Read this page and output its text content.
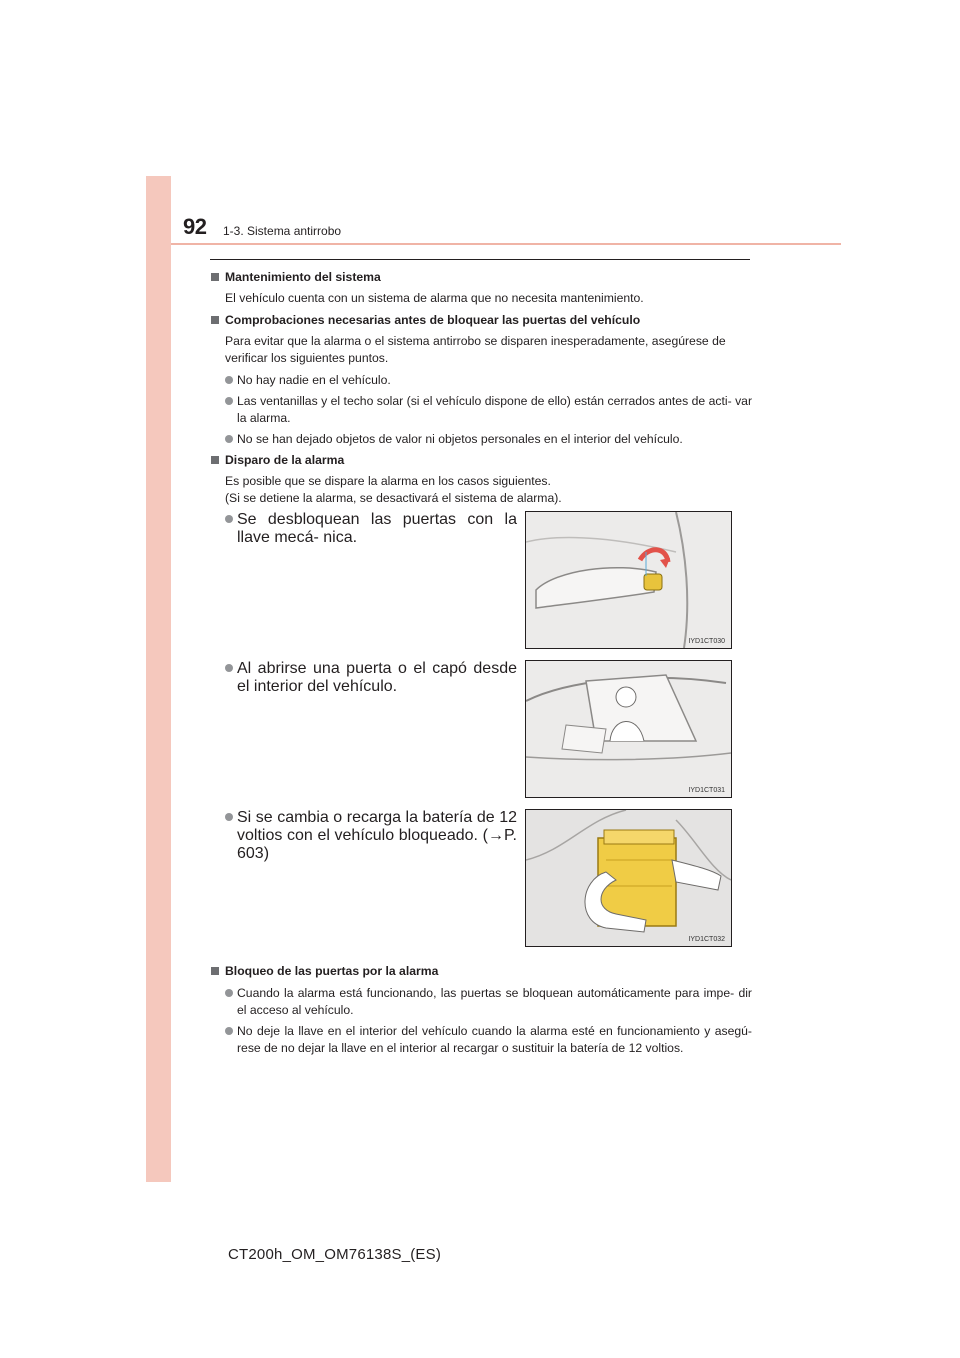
92 1-3. Sistema antirrobo

Mantenimiento del sistema

El vehículo cuenta con un sistema de alarma que no necesita mantenimiento.

Comprobaciones necesarias antes de bloquear las puertas del vehículo

Para evitar que la alarma o el sistema antirrobo se disparen inesperadamente, asegúrese de verificar los siguientes puntos.

No hay nadie en el vehículo.

Las ventanillas y el techo solar (si el vehículo dispone de ello) están cerrados antes de acti- var la alarma.

No se han dejado objetos de valor ni objetos personales en el interior del vehículo.

Disparo de la alarma

Es posible que se dispare la alarma en los casos siguientes.
(Si se detiene la alarma, se desactivará el sistema de alarma).

Se desbloquean las puertas con la llave mecá- nica.

IYD1CT030

Al abrirse una puerta o el capó desde el interior del vehículo.

IYD1CT031

Si se cambia o recarga la batería de 12 voltios con el vehículo bloqueado. (→P. 603)

IYD1CT032

Bloqueo de las puertas por la alarma

Cuando la alarma está funcionando, las puertas se bloquean automáticamente para impe- dir el acceso al vehículo.

No deje la llave en el interior del vehículo cuando la alarma esté en funcionamiento y asegú- rese de no dejar la llave en el interior al recargar o sustituir la batería de 12 voltios.

CT200h_OM_OM76138S_(ES)
